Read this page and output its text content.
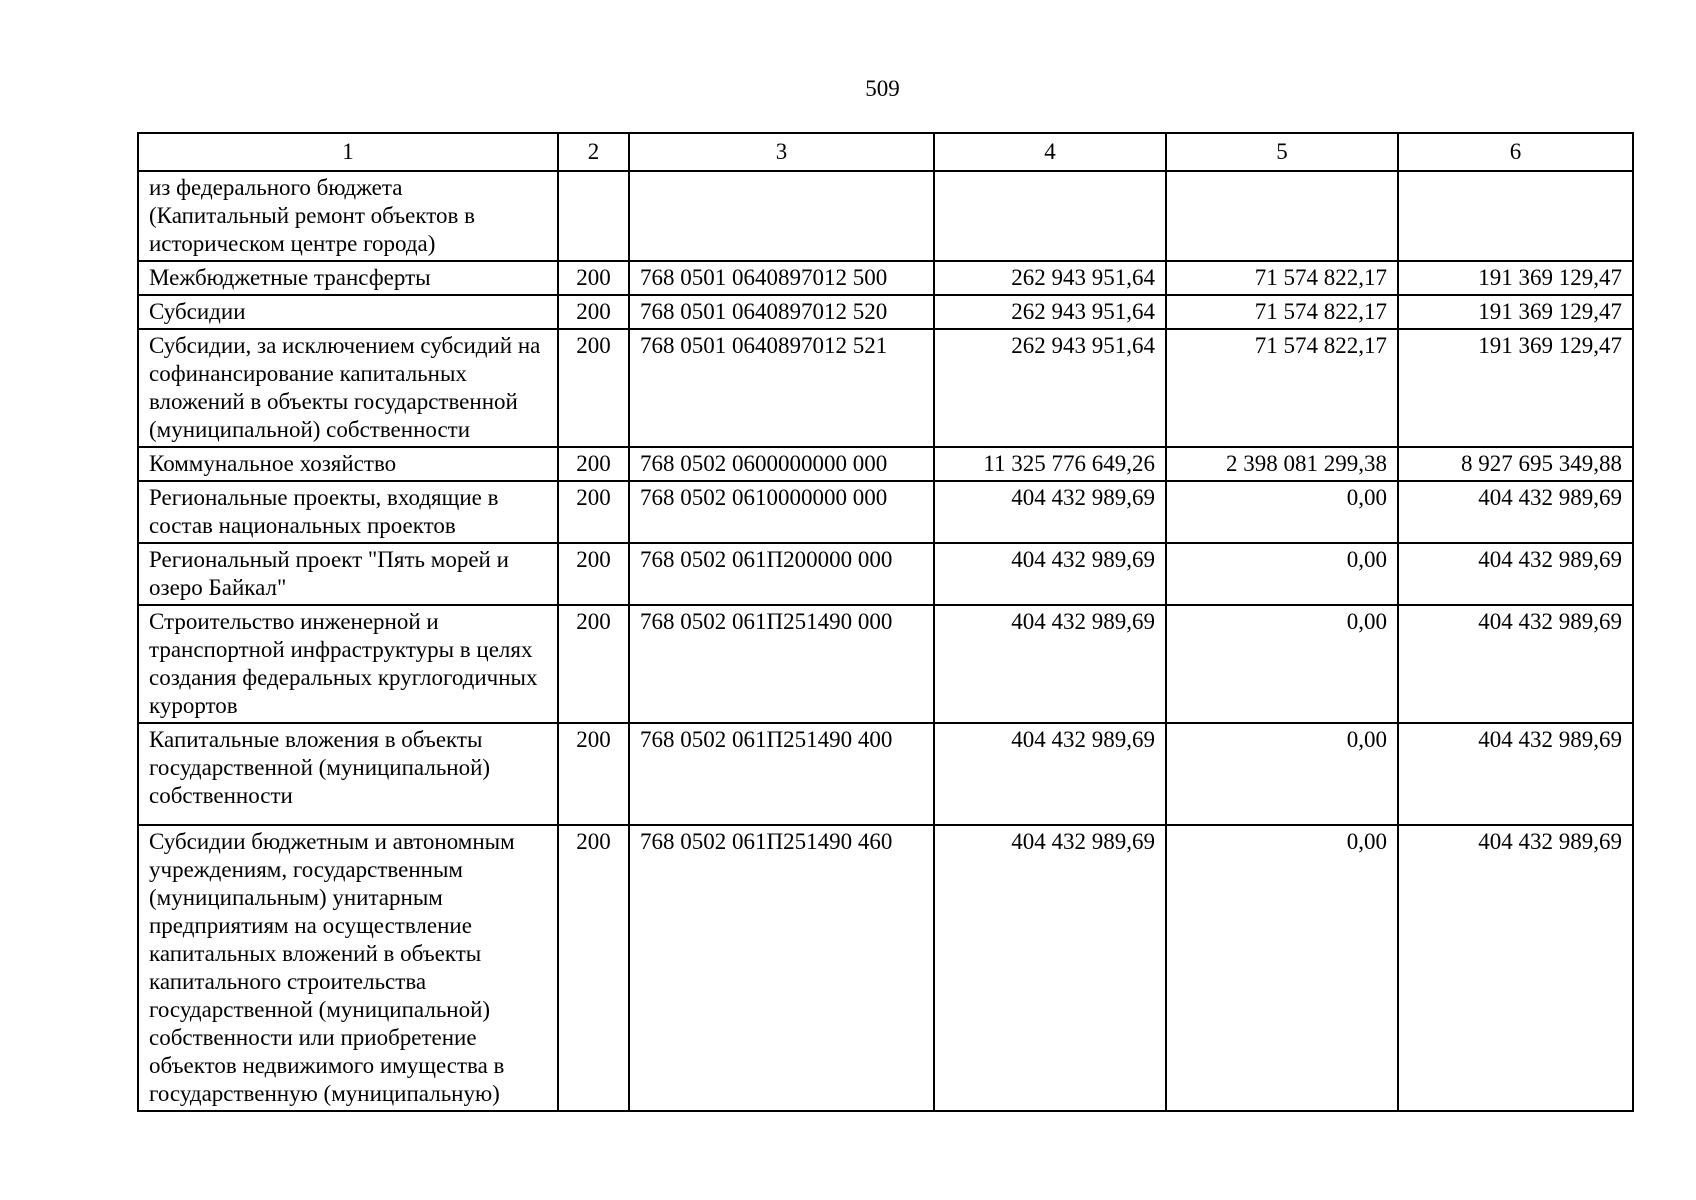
509
1	2	3	4	5	6
из федерального бюджета (Капитальный ремонт объектов в историческом центре города)					
Межбюджетные трансферты	200	768 0501 0640897012 500	262 943 951,64	71 574 822,17	191 369 129,47
Субсидии	200	768 0501 0640897012 520	262 943 951,64	71 574 822,17	191 369 129,47
Субсидии, за исключением субсидий на софинансирование капитальных вложений в объекты государственной (муниципальной) собственности	200	768 0501 0640897012 521	262 943 951,64	71 574 822,17	191 369 129,47
Коммунальное хозяйство	200	768 0502 0600000000 000	11 325 776 649,26	2 398 081 299,38	8 927 695 349,88
Региональные проекты, входящие в состав национальных проектов	200	768 0502 0610000000 000	404 432 989,69	0,00	404 432 989,69
Региональный проект "Пять морей и озеро Байкал"	200	768 0502 061П200000 000	404 432 989,69	0,00	404 432 989,69
Строительство инженерной и транспортной инфраструктуры в целях создания федеральных круглогодичных курортов	200	768 0502 061П251490 000	404 432 989,69	0,00	404 432 989,69
Капитальные вложения в объекты государственной (муниципальной) собственности	200	768 0502 061П251490 400	404 432 989,69	0,00	404 432 989,69
Субсидии бюджетным и автономным учреждениям, государственным (муниципальным) унитарным предприятиям на осуществление капитальных вложений в объекты капитального строительства государственной (муниципальной) собственности или приобретение объектов недвижимого имущества в государственную (муниципальную)	200	768 0502 061П251490 460	404 432 989,69	0,00	404 432 989,69
